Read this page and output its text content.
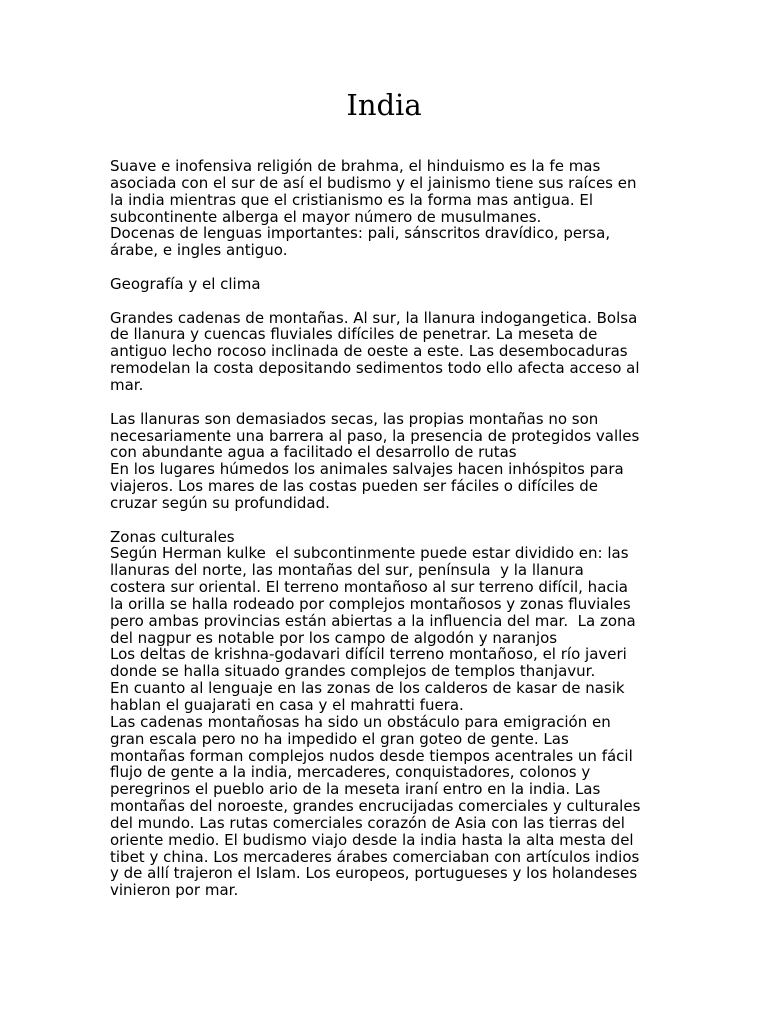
India
Suave e inofensiva religión de brahma, el hinduismo es la fe mas
asociada con el sur de así el budismo y el jainismo tiene sus raíces en
la india mientras que el cristianismo es la forma mas antigua. El
subcontinente alberga el mayor número de musulmanes.
Docenas de lenguas importantes: pali, sánscritos dravídico, persa,
árabe, e ingles antiguo.
Geografía y el clima
Grandes cadenas de montañas. Al sur, la llanura indogangetica. Bolsa
de llanura y cuencas fluviales difíciles de penetrar. La meseta de
antiguo lecho rocoso inclinada de oeste a este. Las desembocaduras
remodelan la costa depositando sedimentos todo ello afecta acceso al
mar.
Las llanuras son demasiados secas, las propias montañas no son
necesariamente una barrera al paso, la presencia de protegidos valles
con abundante agua a facilitado el desarrollo de rutas
En los lugares húmedos los animales salvajes hacen inhóspitos para
viajeros. Los mares de las costas pueden ser fáciles o difíciles de
cruzar según su profundidad.
Zonas culturales
Según Herman kulke  el subcontinmente puede estar dividido en: las
llanuras del norte, las montañas del sur, península  y la llanura
costera sur oriental. El terreno montañoso al sur terreno difícil, hacia
la orilla se halla rodeado por complejos montañosos y zonas fluviales
pero ambas provincias están abiertas a la influencia del mar.  La zona
del nagpur es notable por los campo de algodón y naranjos
Los deltas de krishna-godavari difícil terreno montañoso, el río javeri
donde se halla situado grandes complejos de templos thanjavur.
En cuanto al lenguaje en las zonas de los calderos de kasar de nasik
hablan el guajarati en casa y el mahratti fuera.
Las cadenas montañosas ha sido un obstáculo para emigración en
gran escala pero no ha impedido el gran goteo de gente. Las
montañas forman complejos nudos desde tiempos acentrales un fácil
flujo de gente a la india, mercaderes, conquistadores, colonos y
peregrinos el pueblo ario de la meseta iraní entro en la india. Las
montañas del noroeste, grandes encrucijadas comerciales y culturales
del mundo. Las rutas comerciales corazón de Asia con las tierras del
oriente medio. El budismo viajo desde la india hasta la alta mesta del
tibet y china. Los mercaderes árabes comerciaban con artículos indios
y de allí trajeron el Islam. Los europeos, portugueses y los holandeses
vinieron por mar.
